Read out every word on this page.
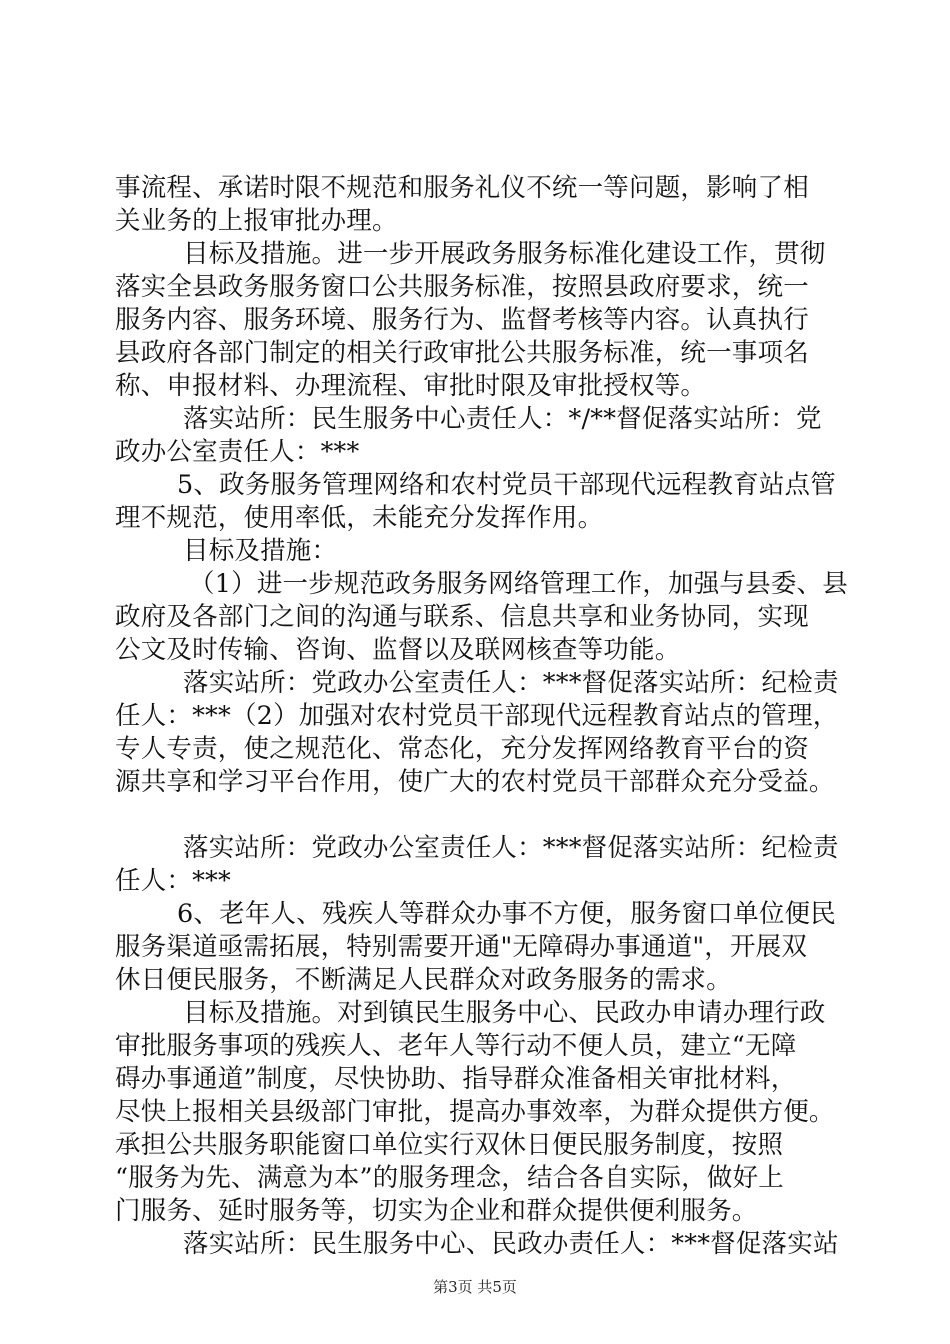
事流程、承诺时限不规范和服务礼仪不统一等问题，影响了相
关业务的上报审批办理。
目标及措施。进一步开展政务服务标准化建设工作，贯彻
落实全县政务服务窗口公共服务标准，按照县政府要求，统一
服务内容、服务环境、服务行为、监督考核等内容。认真执行
县政府各部门制定的相关行政审批公共服务标准，统一事项名
称、申报材料、办理流程、审批时限及审批授权等。
落实站所：民生服务中心责任人：*/**督促落实站所：党
政办公室责任人：***
5、政务服务管理网络和农村党员干部现代远程教育站点管
理不规范，使用率低，未能充分发挥作用。
目标及措施：
（1）进一步规范政务服务网络管理工作，加强与县委、县
政府及各部门之间的沟通与联系、信息共享和业务协同，实现
公文及时传输、咨询、监督以及联网核查等功能。
落实站所：党政办公室责任人：***督促落实站所：纪检责
任人：***（2）加强对农村党员干部现代远程教育站点的管理，
专人专责，使之规范化、常态化，充分发挥网络教育平台的资
源共享和学习平台作用，使广大的农村党员干部群众充分受益。
落实站所：党政办公室责任人：***督促落实站所：纪检责
任人：***
6、老年人、残疾人等群众办事不方便，服务窗口单位便民
服务渠道亟需拓展，特别需要开通"无障碍办事通道"，开展双
休日便民服务，不断满足人民群众对政务服务的需求。
目标及措施。对到镇民生服务中心、民政办申请办理行政
审批服务事项的残疾人、老年人等行动不便人员，建立“无障
碍办事通道”制度，尽快协助、指导群众准备相关审批材料，
尽快上报相关县级部门审批，提高办事效率，为群众提供方便。
承担公共服务职能窗口单位实行双休日便民服务制度，按照
“服务为先、满意为本”的服务理念，结合各自实际，做好上
门服务、延时服务等，切实为企业和群众提供便利服务。
落实站所：民生服务中心、民政办责任人：***督促落实站
第3页 共5页
